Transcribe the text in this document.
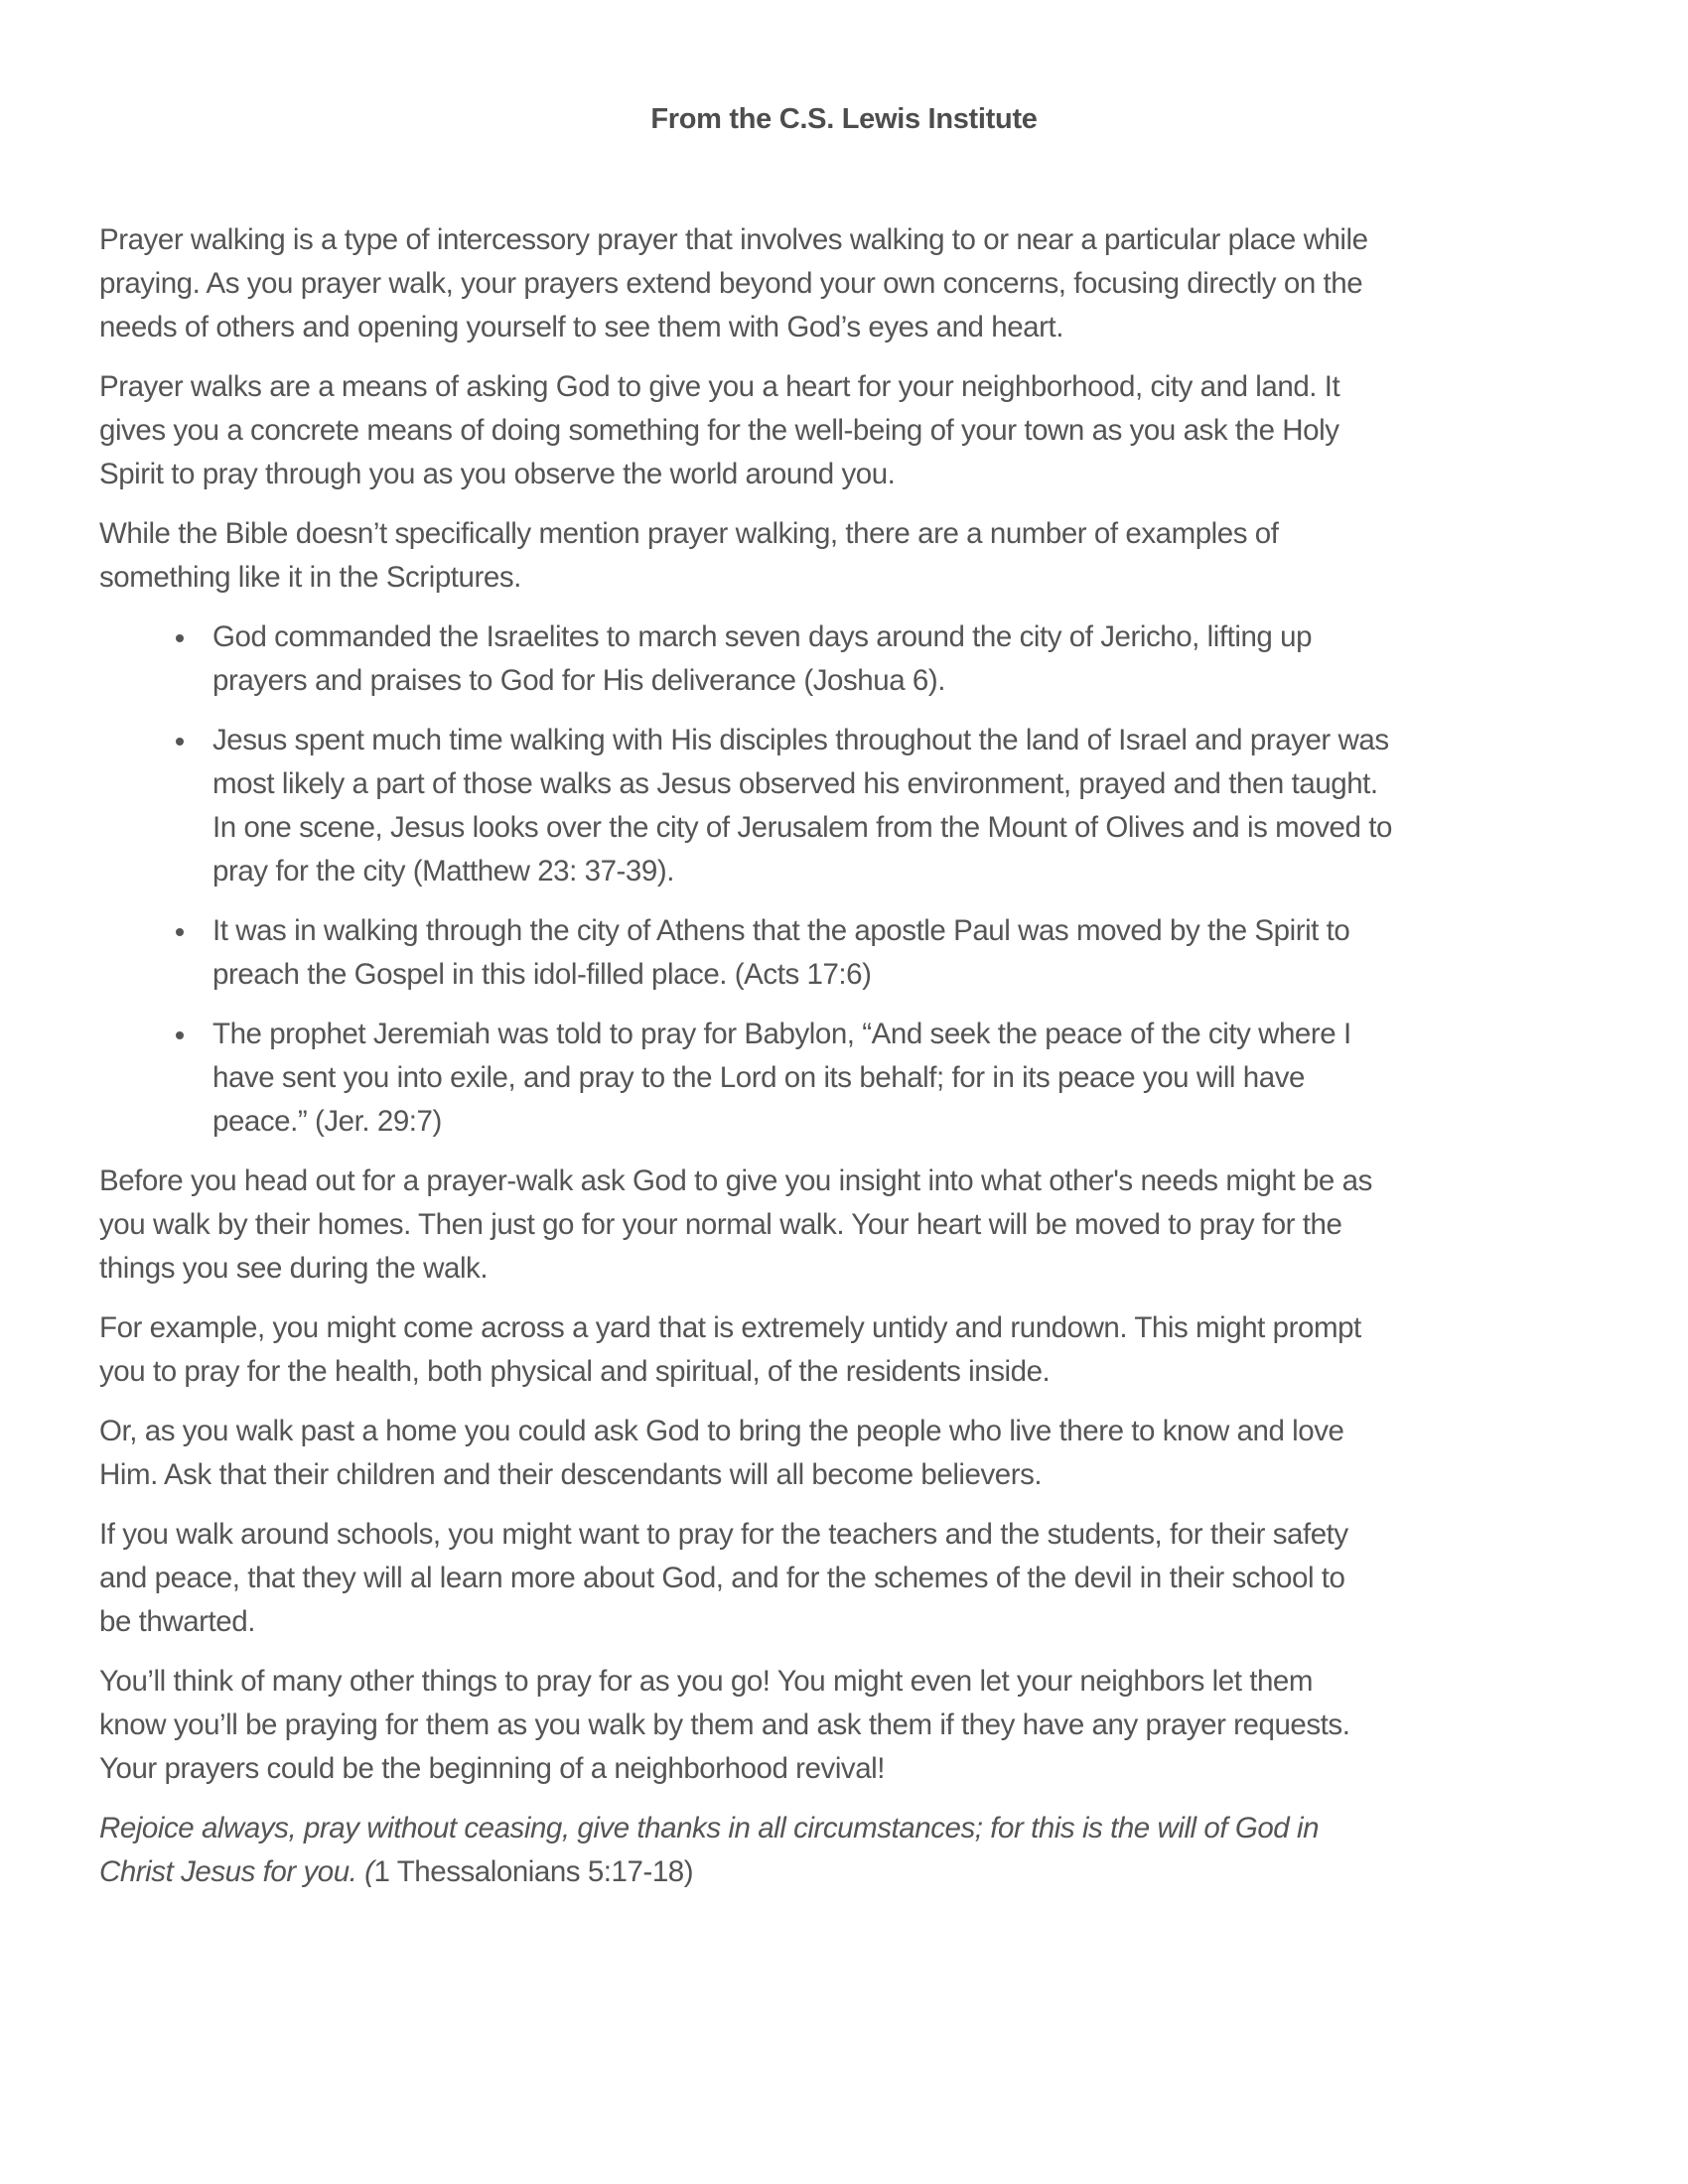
From the C.S. Lewis Institute

Prayer walking is a type of intercessory prayer that involves walking to or near a particular place while
praying. As you prayer walk, your prayers extend beyond your own concerns, focusing directly on the
needs of others and opening yourself to see them with God’s eyes and heart.

Prayer walks are a means of asking God to give you a heart for your neighborhood, city and land. It
gives you a concrete means of doing something for the well-being of your town as you ask the Holy
Spirit to pray through you as you observe the world around you.

While the Bible doesn’t specifically mention prayer walking, there are a number of examples of
something like it in the Scriptures.

God commanded the Israelites to march seven days around the city of Jericho, lifting up
prayers and praises to God for His deliverance (Joshua 6).
Jesus spent much time walking with His disciples throughout the land of Israel and prayer was
most likely a part of those walks as Jesus observed his environment, prayed and then taught.
In one scene, Jesus looks over the city of Jerusalem from the Mount of Olives and is moved to
pray for the city (Matthew 23: 37-39).
It was in walking through the city of Athens that the apostle Paul was moved by the Spirit to
preach the Gospel in this idol-filled place. (Acts 17:6)
The prophet Jeremiah was told to pray for Babylon, “And seek the peace of the city where I
have sent you into exile, and pray to the Lord on its behalf; for in its peace you will have
peace.” (Jer. 29:7)

Before you head out for a prayer-walk ask God to give you insight into what other's needs might be as
you walk by their homes. Then just go for your normal walk. Your heart will be moved to pray for the
things you see during the walk.

For example, you might come across a yard that is extremely untidy and rundown. This might prompt
you to pray for the health, both physical and spiritual, of the residents inside.

Or, as you walk past a home you could ask God to bring the people who live there to know and love
Him. Ask that their children and their descendants will all become believers.

If you walk around schools, you might want to pray for the teachers and the students, for their safety
and peace, that they will al learn more about God, and for the schemes of the devil in their school to
be thwarted.

You’ll think of many other things to pray for as you go! You might even let your neighbors let them
know you’ll be praying for them as you walk by them and ask them if they have any prayer requests.
Your prayers could be the beginning of a neighborhood revival!

Rejoice always, pray without ceasing, give thanks in all circumstances; for this is the will of God in
Christ Jesus for you. (1 Thessalonians 5:17-18)
